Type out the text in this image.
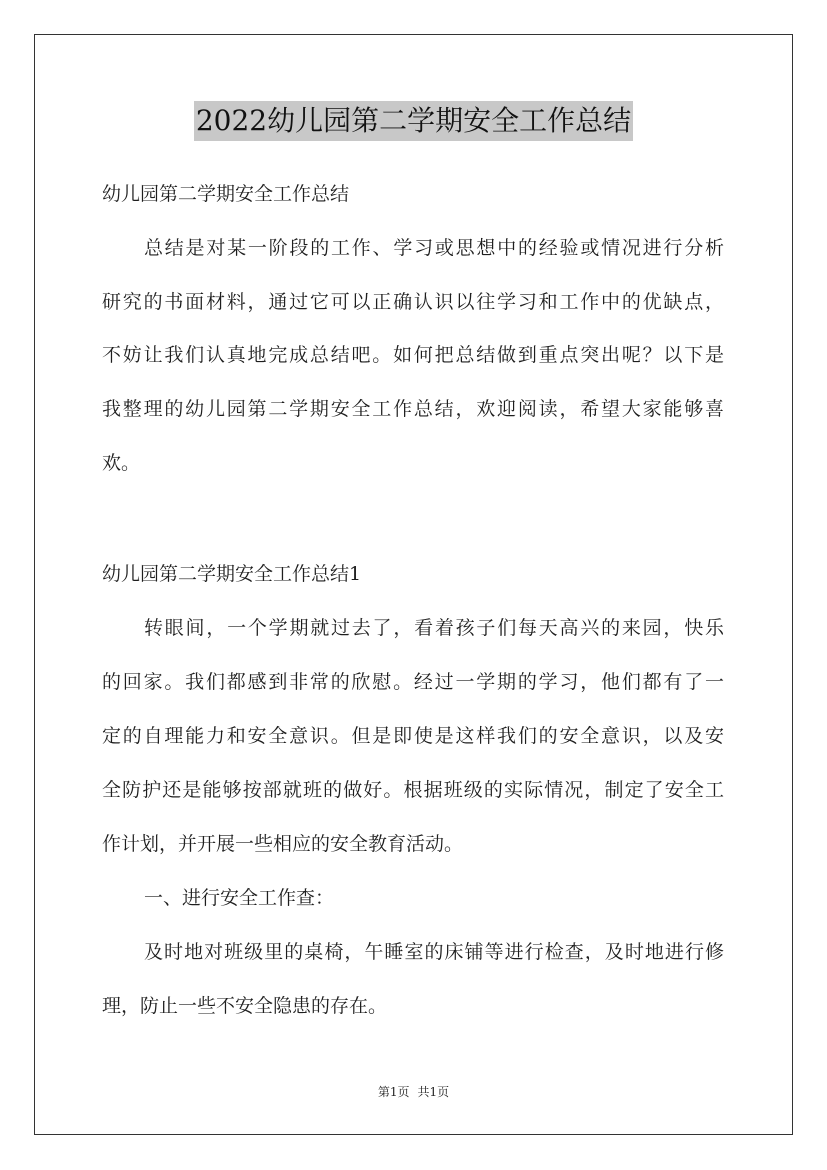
2022幼儿园第二学期安全工作总结
幼儿园第二学期安全工作总结
总结是对某一阶段的工作、学习或思想中的经验或情况进行分析
研究的书面材料，通过它可以正确认识以往学习和工作中的优缺点，
不妨让我们认真地完成总结吧。如何把总结做到重点突出呢？以下是
我整理的幼儿园第二学期安全工作总结，欢迎阅读，希望大家能够喜
欢。
幼儿园第二学期安全工作总结1
转眼间，一个学期就过去了，看着孩子们每天高兴的来园，快乐
的回家。我们都感到非常的欣慰。经过一学期的学习，他们都有了一
定的自理能力和安全意识。但是即使是这样我们的安全意识，以及安
全防护还是能够按部就班的做好。根据班级的实际情况，制定了安全工
作计划，并开展一些相应的安全教育活动。
一、进行安全工作查：
及时地对班级里的桌椅，午睡室的床铺等进行检查，及时地进行修
理，防止一些不安全隐患的存在。
第1页 共1页
